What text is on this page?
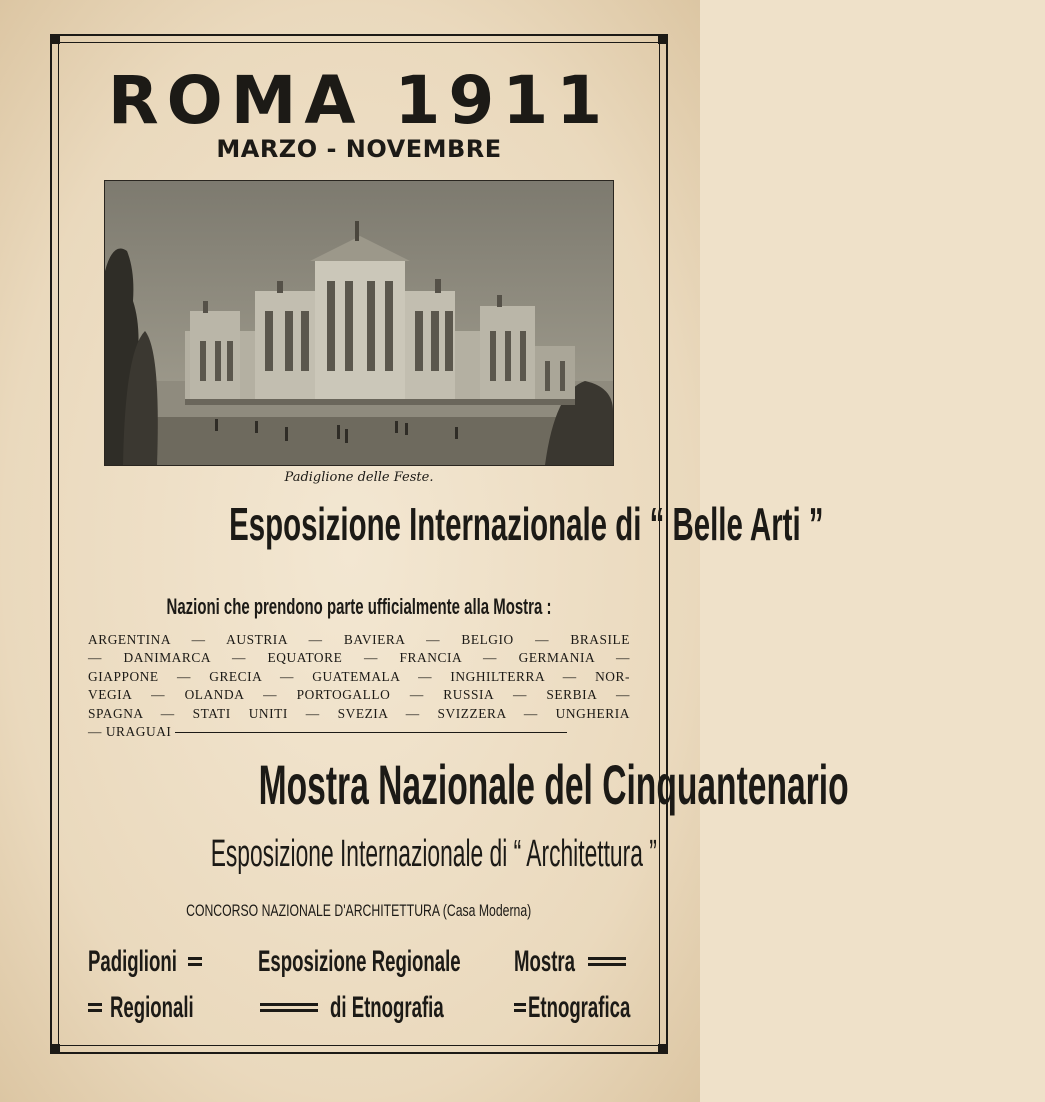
ROMA 1911
MARZO - NOVEMBRE
Padiglione delle Feste.
Esposizione Internazionale di “ Belle Arti ”
Nazioni che prendono parte ufficialmente alla Mostra :
ARGENTINA — AUSTRIA — BAVIERA — BELGIO — BRASILE
— DANIMARCA — EQUATORE — FRANCIA — GERMANIA —
GIAPPONE — GRECIA — GUATEMALA — INGHILTERRA — NOR-
VEGIA — OLANDA — PORTOGALLO — RUSSIA — SERBIA —
SPAGNA — STATI UNITI — SVEZIA — SVIZZERA — UNGHERIA
— URAGUAI
Mostra Nazionale del Cinquantenario
Esposizione Internazionale di “ Architettura ”
CONCORSO NAZIONALE D'ARCHITETTURA (Casa Moderna)
Padiglioni
Regionali
Esposizione Regionale
di Etnografia
Mostra
Etnografica
